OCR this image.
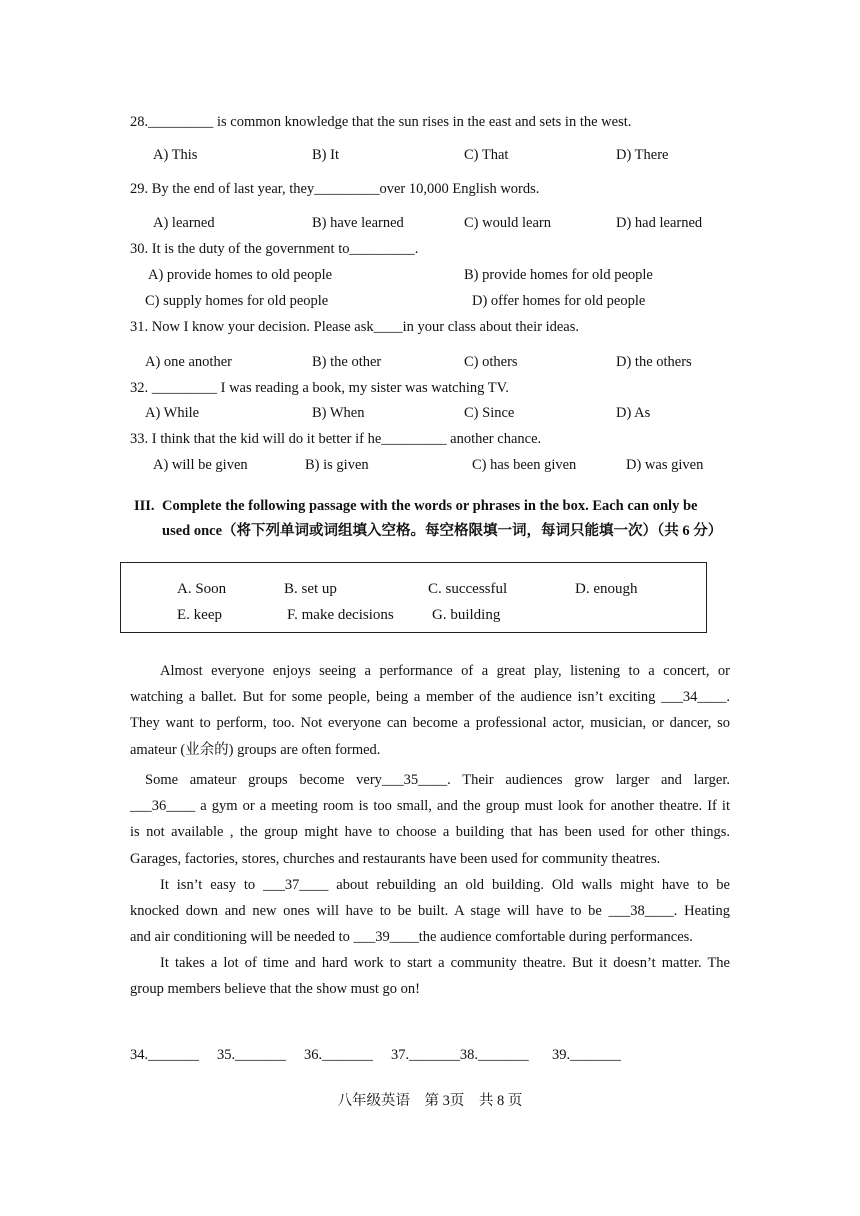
28._________ is common knowledge that the sun rises in the east and sets in the west.
A) This	B) It	C) That	D) There
29. By the end of last year, they_________over 10,000 English words.
A) learned	B) have learned	C) would learn	D) had learned
30. It is the duty of the government to_________.
A) provide homes to old people	B) provide homes for old people
C) supply homes for old people	D) offer homes for old people
31. Now I know your decision. Please ask____in your class about their ideas.
A) one another	B) the other	C) others	D) the others
32. _________ I was reading a book, my sister was watching TV.
A) While	B) When	C) Since	D) As
33. I think that the kid will do it better if he_________ another chance.
A) will be given	B) is given	C) has been given	D) was given
III. Complete the following passage with the words or phrases in the box. Each can only be
used once（将下列单词或词组填入空格。每空格限填一词，每词只能填一次）（共 6 分）
A. Soon	B. set up	C. successful	D. enough
E. keep	F. make decisions	G. building
Almost everyone enjoys seeing a performance of a great play, listening to a concert, or
watching a ballet. But for some people, being a member of the audience isn’t exciting ___34____.
They want to perform, too. Not everyone can become a professional actor, musician, or dancer, so
amateur (业余的) groups are often formed.
Some amateur groups become very___35____. Their audiences grow larger and larger.
___36____ a gym or a meeting room is too small, and the group must look for another theatre. If it
is not available , the group might have to choose a building that has been used for other things.
Garages, factories, stores, churches and restaurants have been used for community theatres.
It isn’t easy to ___37____ about rebuilding an old building. Old walls might have to be
knocked down and new ones will have to be built. A stage will have to be ___38____. Heating
and air conditioning will be needed to ___39____the audience comfortable during performances.
It takes a lot of time and hard work to start a community theatre. But it doesn’t matter. The
group members believe that the show must go on!
34._______ 35._______ 36._______ 37._______38._______ 39._______
八年级英语　第 3页　共 8 页
